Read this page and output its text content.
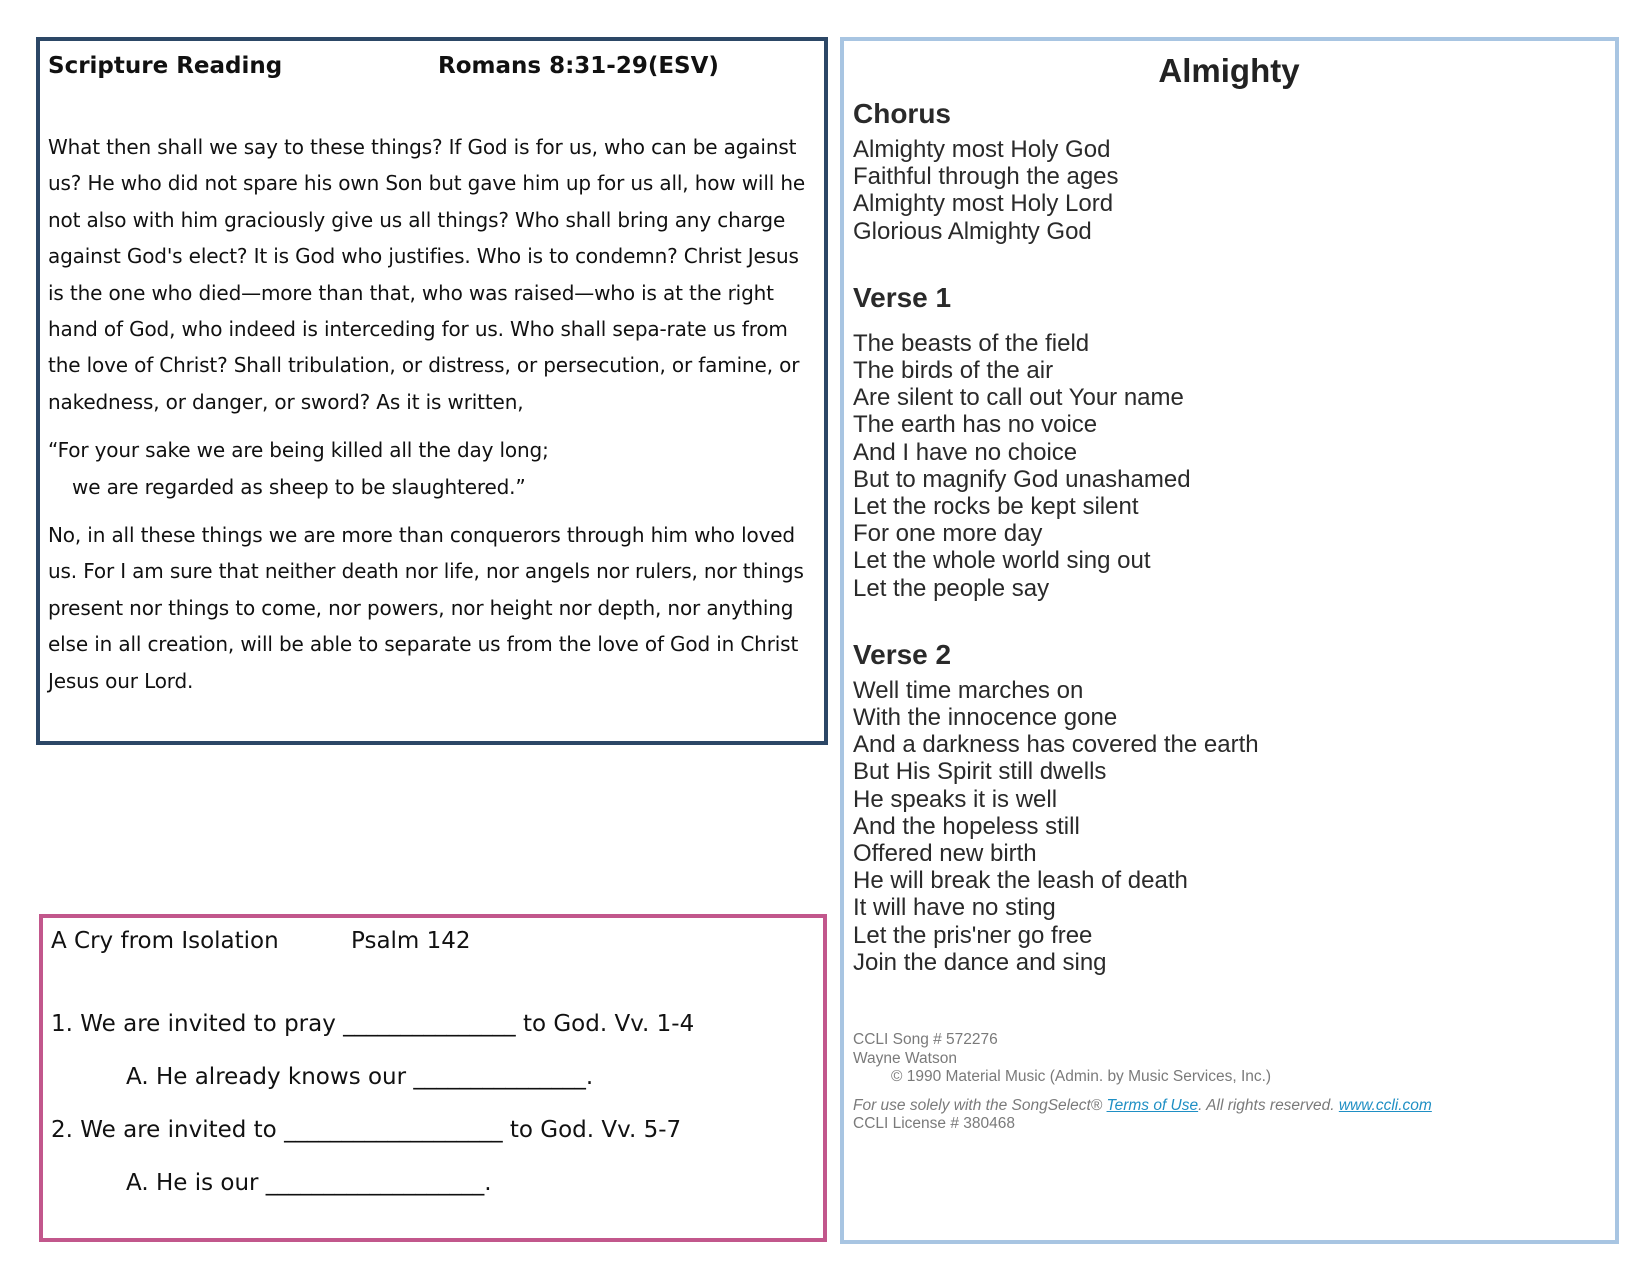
Scripture Reading	Romans 8:31-29(ESV)

What then shall we say to these things? If God is for us, who can be against us? He who did not spare his own Son but gave him up for us all, how will he not also with him graciously give us all things? Who shall bring any charge against God's elect? It is God who justifies. Who is to condemn? Christ Jesus is the one who died—more than that, who was raised—who is at the right hand of God, who indeed is interceding for us. Who shall sepa-rate us from the love of Christ? Shall tribulation, or distress, or persecution, or famine, or nakedness, or danger, or sword? As it is written,

“For your sake we are being killed all the day long;
we are regarded as sheep to be slaughtered.”

No, in all these things we are more than conquerors through him who loved us. For I am sure that neither death nor life, nor angels nor rulers, nor things present nor things to come, nor powers, nor height nor depth, nor anything else in all creation, will be able to separate us from the love of God in Christ Jesus our Lord.

A Cry from Isolation	Psalm 142
1. We are invited to pray _______________ to God. Vv. 1-4
A. He already knows our _______________.
2. We are invited to ___________________ to God. Vv. 5-7
A. He is our ___________________.
Almighty
Chorus
Almighty most Holy God
Faithful through the ages
Almighty most Holy Lord
Glorious Almighty God
Verse 1
The beasts of the field
The birds of the air
Are silent to call out Your name
The earth has no voice
And I have no choice
But to magnify God unashamed
Let the rocks be kept silent
For one more day
Let the whole world sing out
Let the people say
Verse 2
Well time marches on
With the innocence gone
And a darkness has covered the earth
But His Spirit still dwells
He speaks it is well
And the hopeless still
Offered new birth
He will break the leash of death
It will have no sting
Let the pris'ner go free
Join the dance and sing
CCLI Song # 572276
Wayne Watson
© 1990 Material Music (Admin. by Music Services, Inc.)
For use solely with the SongSelect® Terms of Use. All rights reserved. www.ccli.com
CCLI License # 380468
